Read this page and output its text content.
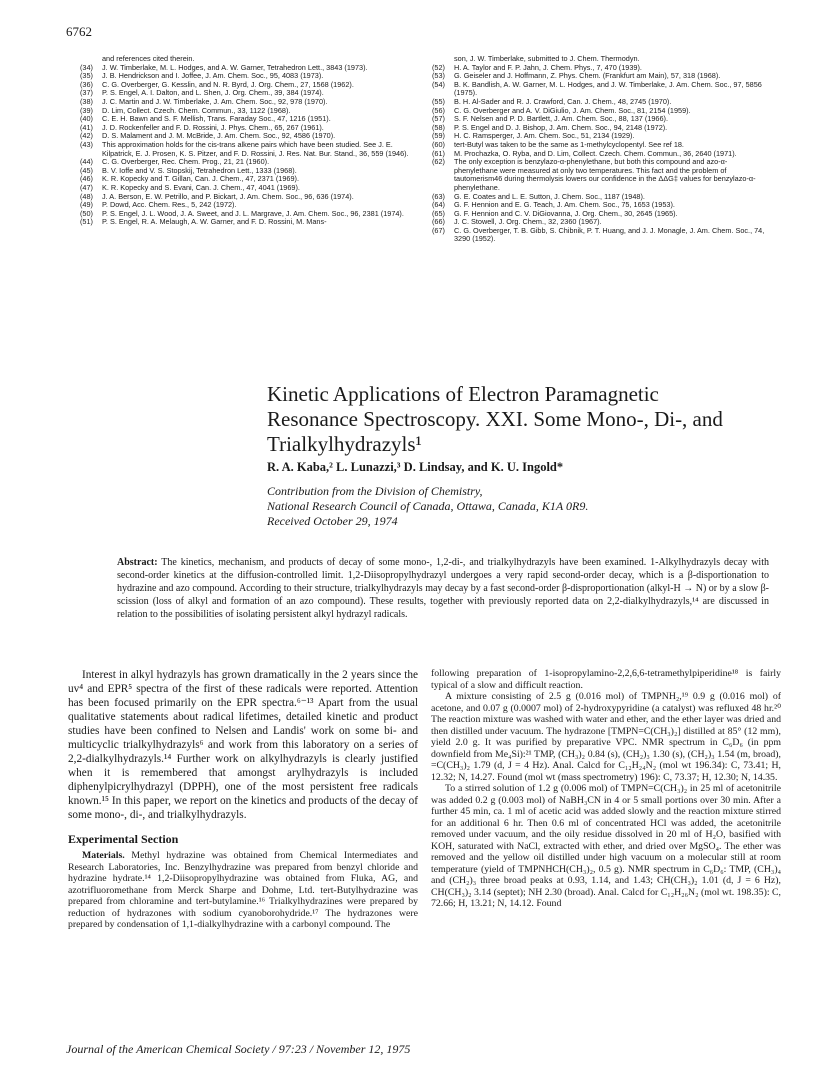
6762
and references cited therein.
(34)	J. W. Timberlake, M. L. Hodges, and A. W. Garner, Tetrahedron Lett., 3843 (1973).
(35)	J. B. Hendrickson and I. Joffee, J. Am. Chem. Soc., 95, 4083 (1973).
(36)	C. G. Overberger, G. Kesslin, and N. R. Byrd, J. Org. Chem., 27, 1568 (1962).
(37)	P. S. Engel, A. I. Dalton, and L. Shen, J. Org. Chem., 39, 384 (1974).
(38)	J. C. Martin and J. W. Timberlake, J. Am. Chem. Soc., 92, 978 (1970).
(39)	D. Lim, Collect. Czech. Chem. Commun., 33, 1122 (1968).
(40)	C. E. H. Bawn and S. F. Mellish, Trans. Faraday Soc., 47, 1216 (1951).
(41)	J. D. Rockenfeller and F. D. Rossini, J. Phys. Chem., 65, 267 (1961).
(42)	D. S. Malament and J. M. McBride, J. Am. Chem. Soc., 92, 4586 (1970).
(43)	This approximation holds for the cis-trans alkene pairs which have been studied. See J. E. Kilpatrick, E. J. Prosen, K. S. Pitzer, and F. D. Rossini, J. Res. Nat. Bur. Stand., 36, 559 (1946).
(44)	C. G. Overberger, Rec. Chem. Prog., 21, 21 (1960).
(45)	B. V. Ioffe and V. S. Stopskij, Tetrahedron Lett., 1333 (1968).
(46)	K. R. Kopecky and T. Gillan, Can. J. Chem., 47, 2371 (1969).
(47)	K. R. Kopecky and S. Evani, Can. J. Chem., 47, 4041 (1969).
(48)	J. A. Berson, E. W. Petrillo, and P. Bickart, J. Am. Chem. Soc., 96, 636 (1974).
(49)	P. Dowd, Acc. Chem. Res., 5, 242 (1972).
(50)	P. S. Engel, J. L. Wood, J. A. Sweet, and J. L. Margrave, J. Am. Chem. Soc., 96, 2381 (1974).
(51)	P. S. Engel, R. A. Melaugh, A. W. Garner, and F. D. Rossini, M. Mans-
son, J. W. Timberlake, submitted to J. Chem. Thermodyn.
(52)	H. A. Taylor and F. P. Jahn, J. Chem. Phys., 7, 470 (1939).
(53)	G. Geiseler and J. Hoffmann, Z. Phys. Chem. (Frankfurt am Main), 57, 318 (1968).
(54)	B. K. Bandlish, A. W. Garner, M. L. Hodges, and J. W. Timberlake, J. Am. Chem. Soc., 97, 5856 (1975).
(55)	B. H. Al-Sader and R. J. Crawford, Can. J. Chem., 48, 2745 (1970).
(56)	C. G. Overberger and A. V. DiGiulio, J. Am. Chem. Soc., 81, 2154 (1959).
(57)	S. F. Nelsen and P. D. Bartlett, J. Am. Chem. Soc., 88, 137 (1966).
(58)	P. S. Engel and D. J. Bishop, J. Am. Chem. Soc., 94, 2148 (1972).
(59)	H. C. Ramsperger, J. Am. Chem. Soc., 51, 2134 (1929).
(60)	tert-Butyl was taken to be the same as 1-methylcyclopentyl. See ref 18.
(61)	M. Prochazka, O. Ryba, and D. Lim, Collect. Czech. Chem. Commun., 36, 2640 (1971).
(62)	The only exception is benzylazo-α-phenylethane, but both this compound and azo-α-phenylethane were measured at only two temperatures. This fact and the problem of tautomerism46 during thermolysis lowers our confidence in the ΔΔG‡ values for benzylazo-α-phenylethane.
(63)	G. E. Coates and L. E. Sutton, J. Chem. Soc., 1187 (1948).
(64)	G. F. Hennion and E. G. Teach, J. Am. Chem. Soc., 75, 1653 (1953).
(65)	G. F. Hennion and C. V. DiGiovanna, J. Org. Chem., 30, 2645 (1965).
(66)	J. C. Stowell, J. Org. Chem., 32, 2360 (1967).
(67)	C. G. Overberger, T. B. Gibb, S. Chibnik, P. T. Huang, and J. J. Monagle, J. Am. Chem. Soc., 74, 3290 (1952).
Kinetic Applications of Electron Paramagnetic Resonance Spectroscopy. XXI. Some Mono-, Di-, and Trialkylhydrazyls¹
R. A. Kaba,² L. Lunazzi,³ D. Lindsay, and K. U. Ingold*
Contribution from the Division of Chemistry,
National Research Council of Canada, Ottawa, Canada, K1A 0R9.
Received October 29, 1974
Abstract: The kinetics, mechanism, and products of decay of some mono-, 1,2-di-, and trialkylhydrazyls have been examined. 1-Alkylhydrazyls decay with second-order kinetics at the diffusion-controlled limit. 1,2-Diisopropylhydrazyl undergoes a very rapid second-order decay, which is a β-disportionation to hydrazine and azo compound. According to their structure, trialkylhydrazyls may decay by a fast second-order β-disproportionation (alkyl-H → N) or by a slow β-scission (loss of alkyl and formation of an azo compound). These results, together with previously reported data on 2,2-dialkylhydrazyls,¹⁴ are discussed in relation to the possibilities of isolating persistent alkyl hydrazyl radicals.

Interest in alkyl hydrazyls has grown dramatically in the 2 years since the uv⁴ and EPR⁵ spectra of the first of these radicals were reported. Attention has been focused primarily on the EPR spectra.⁶⁻¹³ Apart from the usual qualitative statements about radical lifetimes, detailed kinetic and product studies have been confined to Nelsen and Landis' work on some bi- and multicyclic trialkylhydrazyls⁶ and work from this laboratory on a series of 2,2-dialkylhydrazyls.¹⁴ Further work on alkylhydrazyls is clearly justified when it is remembered that amongst arylhydrazyls is included diphenylpicrylhydrazyl (DPPH), one of the most persistent free radicals known.¹⁵ In this paper, we report on the kinetics and products of the decay of some mono-, di-, and trialkylhydrazyls.

Experimental Section

Materials. Methyl hydrazine was obtained from Chemical Intermediates and Research Laboratories, Inc. Benzylhydrazine was prepared from benzyl chloride and hydrazine hydrate.¹⁴ 1,2-Diisopropylhydrazine was obtained from Fluka, AG, and azotrifluoromethane from Merck Sharpe and Dohme, Ltd. tert-Butylhydrazine was prepared from chloramine and tert-butylamine.¹⁶ Trialkylhydrazines were prepared by reduction of hydrazones with sodium cyanoborohydride.¹⁷ The hydrazones were prepared by condensation of 1,1-dialkylhydrazine with a carbonyl compound. The

following preparation of 1-isopropylamino-2,2,6,6-tetramethylpiperidine¹⁸ is fairly typical of a slow and difficult reaction.

A mixture consisting of 2.5 g (0.016 mol) of TMPNH₂,¹⁹ 0.9 g (0.016 mol) of acetone, and 0.07 g (0.0007 mol) of 2-hydroxypyridine (a catalyst) was refluxed 48 hr.²⁰ The reaction mixture was washed with water and ether, and the ether layer was dried and then distilled under vacuum. The hydrazone [TMPN=C(CH₃)₂] distilled at 85° (12 mm), yield 2.0 g. It was purified by preparative VPC. NMR spectrum in C₆D₆ (in ppm downfield from Me₄Si):²¹ TMP, (CH₃)₂ 0.84 (s), (CH₂)₃ 1.30 (s), (CH₂)₃ 1.54 (m, broad), =C(CH₃)₂ 1.79 (d, J = 4 Hz). Anal. Calcd for C₁₂H₂₄N₂ (mol wt 196.34): C, 73.41; H, 12.32; N, 14.27. Found (mol wt (mass spectrometry) 196): C, 73.37; H, 12.30; N, 14.35.

To a stirred solution of 1.2 g (0.006 mol) of TMPN=C(CH₃)₂ in 25 ml of acetonitrile was added 0.2 g (0.003 mol) of NaBH₃CN in 4 or 5 small portions over 30 min. After a further 45 min, ca. 1 ml of acetic acid was added slowly and the reaction mixture stirred for an additional 6 hr. Then 0.6 ml of concentrated HCl was added, the acetonitrile removed under vacuum, and the oily residue dissolved in 20 ml of H₂O, basified with KOH, saturated with NaCl, extracted with ether, and dried over MgSO₄. The ether was removed and the yellow oil distilled under high vacuum on a molecular still at room temperature (yield of TMPNHCH(CH₃)₂, 0.5 g). NMR spectrum in C₆D₆: TMP, (CH₃)₄ and (CH₂)₃ three broad peaks at 0.93, 1.14, and 1.43; CH(CH₃)₂ 1.01 (d, J = 6 Hz), CH(CH₃)₂ 3.14 (septet); NH 2.30 (broad). Anal. Calcd for C₁₂H₂₆N₂ (mol wt. 198.35): C, 72.66; H, 13.21; N, 14.12. Found

Journal of the American Chemical Society / 97:23 / November 12, 1975
